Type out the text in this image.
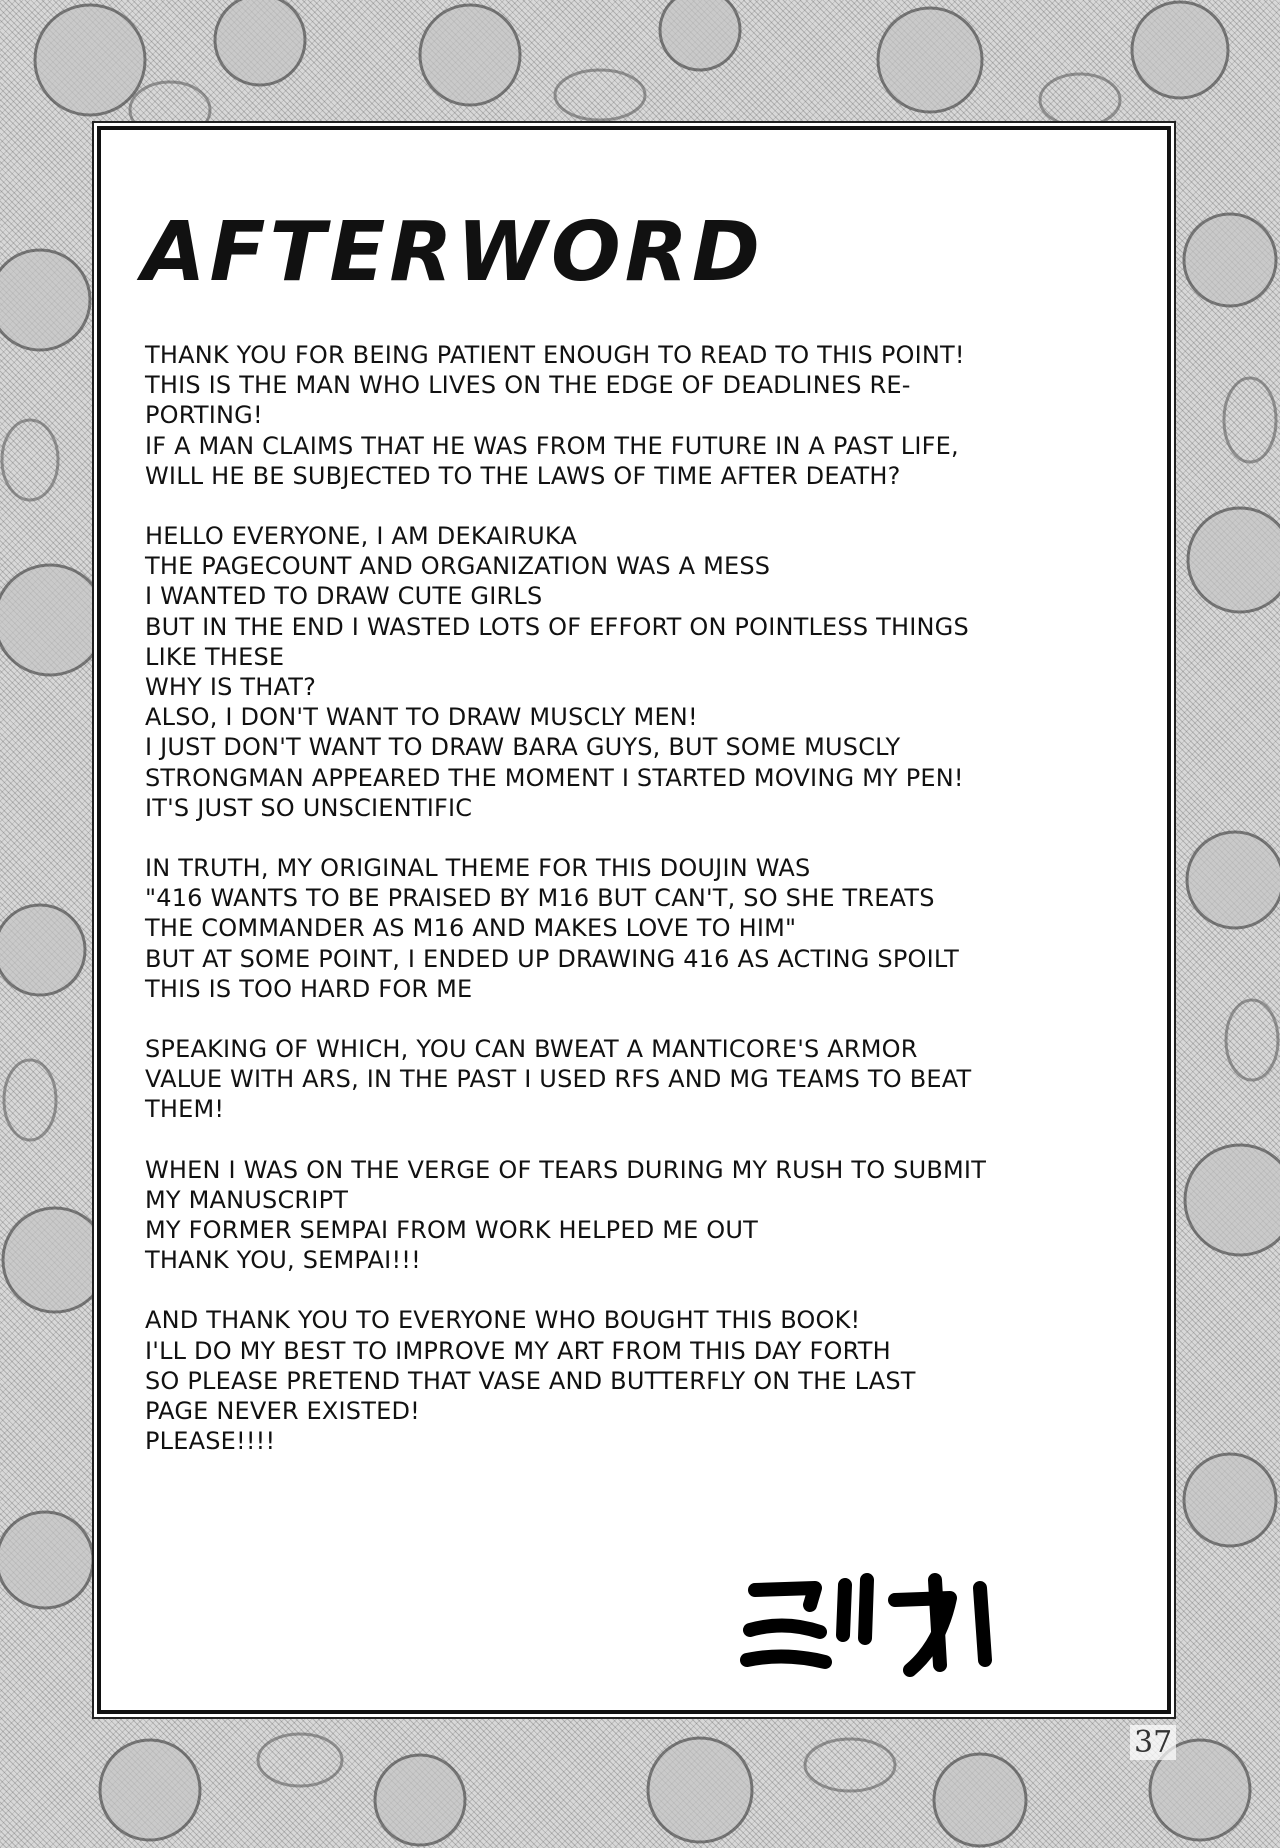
AFTERWORD

THANK YOU FOR BEING PATIENT ENOUGH TO READ TO THIS POINT!
THIS IS THE MAN WHO LIVES ON THE EDGE OF DEADLINES RE-
PORTING!
IF A MAN CLAIMS THAT HE WAS FROM THE FUTURE IN A PAST LIFE,
WILL HE BE SUBJECTED TO THE LAWS OF TIME AFTER DEATH?

HELLO EVERYONE, I AM DEKAIRUKA
THE PAGECOUNT AND ORGANIZATION WAS A MESS
I WANTED TO DRAW CUTE GIRLS
BUT IN THE END I WASTED LOTS OF EFFORT ON POINTLESS THINGS
LIKE THESE
WHY IS THAT?
ALSO, I DON'T WANT TO DRAW MUSCLY MEN!
I JUST DON'T WANT TO DRAW BARA GUYS, BUT SOME MUSCLY
STRONGMAN APPEARED THE MOMENT I STARTED MOVING MY PEN!
IT'S JUST SO UNSCIENTIFIC

IN TRUTH, MY ORIGINAL THEME FOR THIS DOUJIN WAS
"416 WANTS TO BE PRAISED BY M16 BUT CAN'T, SO SHE TREATS
THE COMMANDER AS M16 AND MAKES LOVE TO HIM"
BUT AT SOME POINT, I ENDED UP DRAWING 416 AS ACTING SPOILT
THIS IS TOO HARD FOR ME

SPEAKING OF WHICH, YOU CAN BWEAT A MANTICORE'S ARMOR
VALUE WITH ARS, IN THE PAST I USED RFS AND MG TEAMS TO BEAT
THEM!

WHEN I WAS ON THE VERGE OF TEARS DURING MY RUSH TO SUBMIT
MY MANUSCRIPT
MY FORMER SEMPAI FROM WORK HELPED ME OUT
THANK YOU, SEMPAI!!!

AND THANK YOU TO EVERYONE WHO BOUGHT THIS BOOK!
I'LL DO MY BEST TO IMPROVE MY ART FROM THIS DAY FORTH
SO PLEASE PRETEND THAT VASE AND BUTTERFLY ON THE LAST
PAGE NEVER EXISTED!
PLEASE!!!!

37
